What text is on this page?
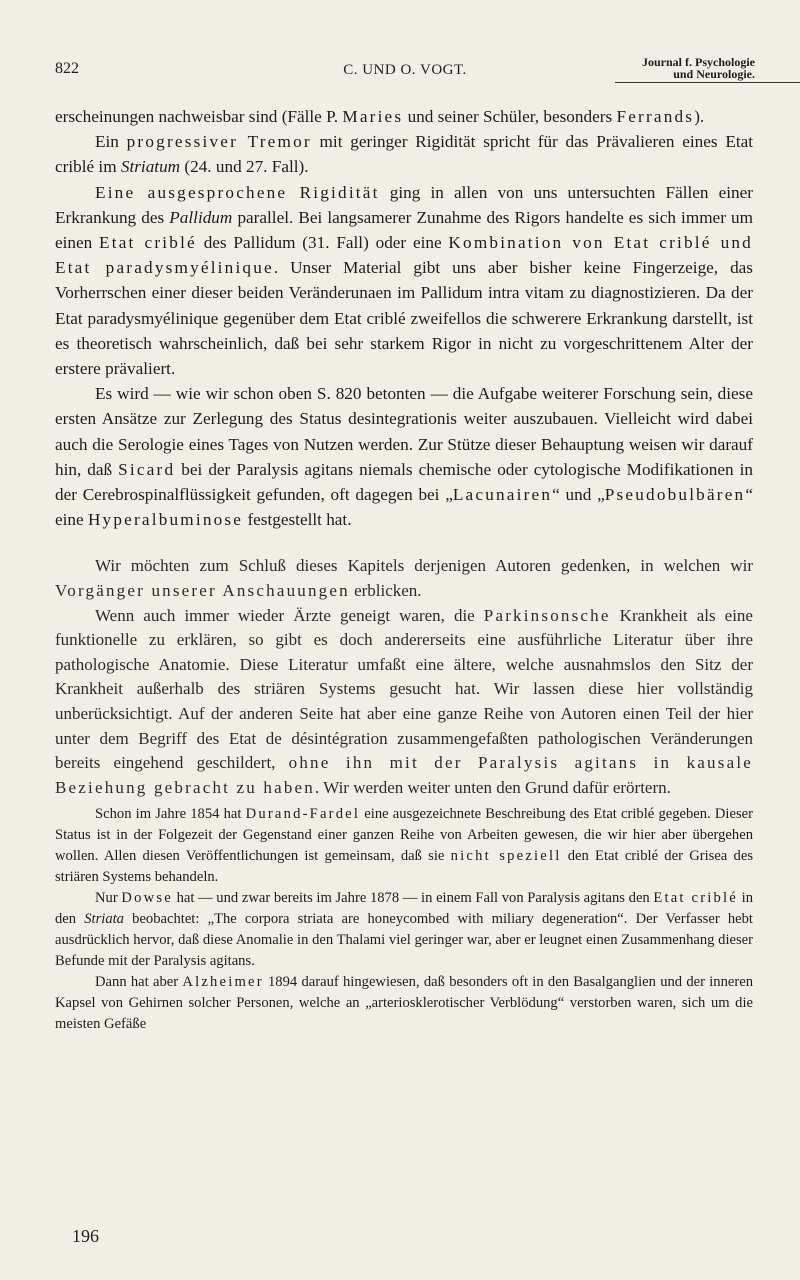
822	C. UND O. VOGT.	Journal f. Psychologie
und Neurologie.

erscheinungen nachweisbar sind (Fälle P. Maries und seiner Schüler, besonders Ferrands).

Ein progressiver Tremor mit geringer Rigidität spricht für das Prävalieren eines Etat criblé im Striatum (24. und 27. Fall).

Eine ausgesprochene Rigidität ging in allen von uns untersuchten Fällen einer Erkrankung des Pallidum parallel. Bei langsamerer Zunahme des Rigors handelte es sich immer um einen Etat criblé des Pallidum (31. Fall) oder eine Kombination von Etat criblé und Etat paradysmyélinique. Unser Material gibt uns aber bisher keine Fingerzeige, das Vorherrschen einer dieser beiden Veränderunaen im Pallidum intra vitam zu diagnostizieren. Da der Etat paradysmyélinique gegenüber dem Etat criblé zweifellos die schwerere Erkrankung darstellt, ist es theoretisch wahrscheinlich, daß bei sehr starkem Rigor in nicht zu vorgeschrittenem Alter der erstere prävaliert.

Es wird — wie wir schon oben S. 820 betonten — die Aufgabe weiterer Forschung sein, diese ersten Ansätze zur Zerlegung des Status desintegrationis weiter auszubauen. Vielleicht wird dabei auch die Serologie eines Tages von Nutzen werden. Zur Stütze dieser Behauptung weisen wir darauf hin, daß Sicard bei der Paralysis agitans niemals chemische oder cytologische Modifikationen in der Cerebrospinalflüssigkeit gefunden, oft dagegen bei „Lacunairen“ und „Pseudobulbären“ eine Hyperalbuminose festgestellt hat.

Wir möchten zum Schluß dieses Kapitels derjenigen Autoren gedenken, in welchen wir Vorgänger unserer Anschauungen erblicken.

Wenn auch immer wieder Ärzte geneigt waren, die Parkinsonsche Krankheit als eine funktionelle zu erklären, so gibt es doch andererseits eine ausführliche Literatur über ihre pathologische Anatomie. Diese Literatur umfaßt eine ältere, welche ausnahmslos den Sitz der Krankheit außerhalb des striären Systems gesucht hat. Wir lassen diese hier vollständig unberücksichtigt. Auf der anderen Seite hat aber eine ganze Reihe von Autoren einen Teil der hier unter dem Begriff des Etat de désintégration zusammengefaßten pathologischen Veränderungen bereits eingehend geschildert, ohne ihn mit der Paralysis agitans in kausale Beziehung gebracht zu haben. Wir werden weiter unten den Grund dafür erörtern.

Schon im Jahre 1854 hat Durand-Fardel eine ausgezeichnete Beschreibung des Etat criblé gegeben. Dieser Status ist in der Folgezeit der Gegenstand einer ganzen Reihe von Arbeiten gewesen, die wir hier aber übergehen wollen. Allen diesen Veröffentlichungen ist gemeinsam, daß sie nicht speziell den Etat criblé der Grisea des striären Systems behandeln.

Nur Dowse hat — und zwar bereits im Jahre 1878 — in einem Fall von Paralysis agitans den Etat criblé in den Striata beobachtet: „The corpora striata are honeycombed with miliary degeneration“. Der Verfasser hebt ausdrücklich hervor, daß diese Anomalie in den Thalami viel geringer war, aber er leugnet einen Zusammenhang dieser Befunde mit der Paralysis agitans.

Dann hat aber Alzheimer 1894 darauf hingewiesen, daß besonders oft in den Basalganglien und der inneren Kapsel von Gehirnen solcher Personen, welche an „arteriosklerotischer Verblödung“ verstorben waren, sich um die meisten Gefäße

196
